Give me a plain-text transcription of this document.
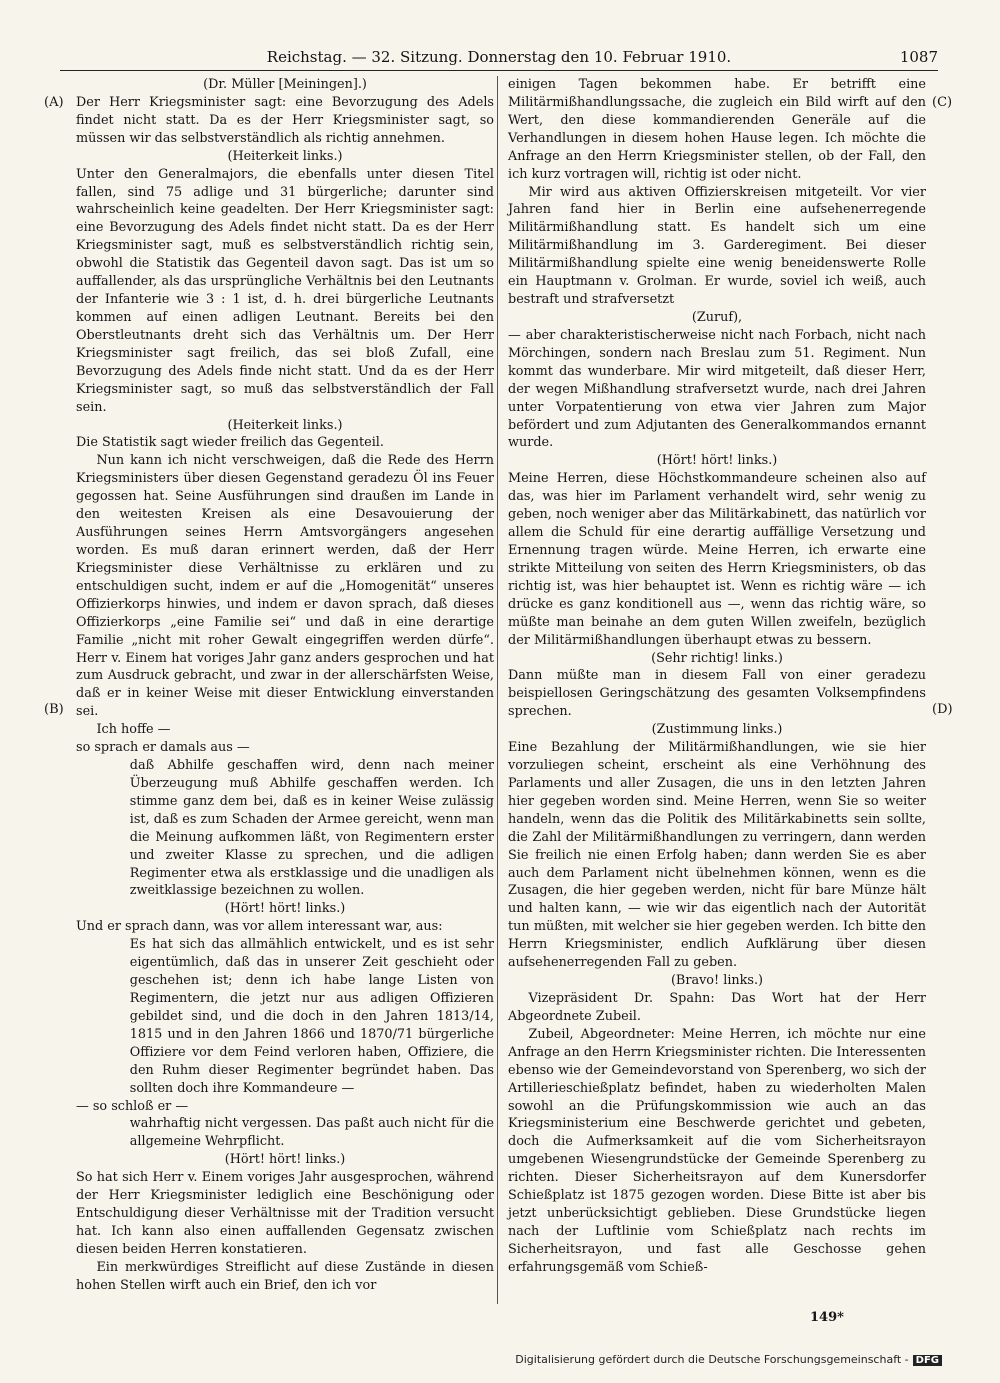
Reichstag. — 32. Sitzung. Donnerstag den 10. Februar 1910.	1087
(A)
(B)
(C)
(D)

(Dr. Müller [Meiningen].)

Der Herr Kriegsminister sagt: eine Bevorzugung des Adels findet nicht statt. Da es der Herr Kriegsminister sagt, so müssen wir das selbstverständlich als richtig annehmen.

(Heiterkeit links.)

Unter den Generalmajors, die ebenfalls unter diesen Titel fallen, sind 75 adlige und 31 bürgerliche; darunter sind wahrscheinlich keine geadelten. Der Herr Kriegsminister sagt: eine Bevorzugung des Adels findet nicht statt. Da es der Herr Kriegsminister sagt, muß es selbstverständlich richtig sein, obwohl die Statistik das Gegenteil davon sagt. Das ist um so auffallender, als das ursprüngliche Verhältnis bei den Leutnants der Infanterie wie 3 : 1 ist, d. h. drei bürgerliche Leutnants kommen auf einen adligen Leutnant. Bereits bei den Oberstleutnants dreht sich das Verhältnis um. Der Herr Kriegsminister sagt freilich, das sei bloß Zufall, eine Bevorzugung des Adels finde nicht statt. Und da es der Herr Kriegsminister sagt, so muß das selbstverständlich der Fall sein.

(Heiterkeit links.)

Die Statistik sagt wieder freilich das Gegenteil.

Nun kann ich nicht verschweigen, daß die Rede des Herrn Kriegsministers über diesen Gegenstand geradezu Öl ins Feuer gegossen hat. Seine Ausführungen sind draußen im Lande in den weitesten Kreisen als eine Desavouierung der Ausführungen seines Herrn Amtsvorgängers angesehen worden. Es muß daran erinnert werden, daß der Herr Kriegsminister diese Verhältnisse zu erklären und zu entschuldigen sucht, indem er auf die „Homogenität“ unseres Offizierkorps hinwies, und indem er davon sprach, daß dieses Offizierkorps „eine Familie sei“ und daß in eine derartige Familie „nicht mit roher Gewalt eingegriffen werden dürfe“. Herr v. Einem hat voriges Jahr ganz anders gesprochen und hat zum Ausdruck gebracht, und zwar in der allerschärfsten Weise, daß er in keiner Weise mit dieser Entwicklung einverstanden sei.

Ich hoffe —

so sprach er damals aus —

daß Abhilfe geschaffen wird, denn nach meiner Überzeugung muß Abhilfe geschaffen werden. Ich stimme ganz dem bei, daß es in keiner Weise zulässig ist, daß es zum Schaden der Armee gereicht, wenn man die Meinung aufkommen läßt, von Regimentern erster und zweiter Klasse zu sprechen, und die adligen Regimenter etwa als erstklassige und die unadligen als zweitklassige bezeichnen zu wollen.

(Hört! hört! links.)

Und er sprach dann, was vor allem interessant war, aus:

Es hat sich das allmählich entwickelt, und es ist sehr eigentümlich, daß das in unserer Zeit geschieht oder geschehen ist; denn ich habe lange Listen von Regimentern, die jetzt nur aus adligen Offizieren gebildet sind, und die doch in den Jahren 1813/14, 1815 und in den Jahren 1866 und 1870/71 bürgerliche Offiziere vor dem Feind verloren haben, Offiziere, die den Ruhm dieser Regimenter begründet haben. Das sollten doch ihre Kommandeure —

— so schloß er —

wahrhaftig nicht vergessen. Das paßt auch nicht für die allgemeine Wehrpflicht.

(Hört! hört! links.)

So hat sich Herr v. Einem voriges Jahr ausgesprochen, während der Herr Kriegsminister lediglich eine Beschönigung oder Entschuldigung dieser Verhältnisse mit der Tradition versucht hat. Ich kann also einen auffallenden Gegensatz zwischen diesen beiden Herren konstatieren.

Ein merkwürdiges Streiflicht auf diese Zustände in diesen hohen Stellen wirft auch ein Brief, den ich vor

einigen Tagen bekommen habe. Er betrifft eine Militärmißhandlungssache, die zugleich ein Bild wirft auf den Wert, den diese kommandierenden Generäle auf die Verhandlungen in diesem hohen Hause legen. Ich möchte die Anfrage an den Herrn Kriegsminister stellen, ob der Fall, den ich kurz vortragen will, richtig ist oder nicht.

Mir wird aus aktiven Offizierskreisen mitgeteilt. Vor vier Jahren fand hier in Berlin eine aufsehenerregende Militärmißhandlung statt. Es handelt sich um eine Militärmißhandlung im 3. Garderegiment. Bei dieser Militärmißhandlung spielte eine wenig beneidenswerte Rolle ein Hauptmann v. Grolman. Er wurde, soviel ich weiß, auch bestraft und strafversetzt

(Zuruf),

— aber charakteristischerweise nicht nach Forbach, nicht nach Mörchingen, sondern nach Breslau zum 51. Regiment. Nun kommt das wunderbare. Mir wird mitgeteilt, daß dieser Herr, der wegen Mißhandlung strafversetzt wurde, nach drei Jahren unter Vorpatentierung von etwa vier Jahren zum Major befördert und zum Adjutanten des Generalkommandos ernannt wurde.

(Hört! hört! links.)

Meine Herren, diese Höchstkommandeure scheinen also auf das, was hier im Parlament verhandelt wird, sehr wenig zu geben, noch weniger aber das Militärkabinett, das natürlich vor allem die Schuld für eine derartig auffällige Versetzung und Ernennung tragen würde. Meine Herren, ich erwarte eine strikte Mitteilung von seiten des Herrn Kriegsministers, ob das richtig ist, was hier behauptet ist. Wenn es richtig wäre — ich drücke es ganz konditionell aus —, wenn das richtig wäre, so müßte man beinahe an dem guten Willen zweifeln, bezüglich der Militärmißhandlungen überhaupt etwas zu bessern.

(Sehr richtig! links.)

Dann müßte man in diesem Fall von einer geradezu beispiellosen Geringschätzung des gesamten Volksempfindens sprechen.

(Zustimmung links.)

Eine Bezahlung der Militärmißhandlungen, wie sie hier vorzuliegen scheint, erscheint als eine Verhöhnung des Parlaments und aller Zusagen, die uns in den letzten Jahren hier gegeben worden sind. Meine Herren, wenn Sie so weiter handeln, wenn das die Politik des Militärkabinetts sein sollte, die Zahl der Militärmißhandlungen zu verringern, dann werden Sie freilich nie einen Erfolg haben; dann werden Sie es aber auch dem Parlament nicht übelnehmen können, wenn es die Zusagen, die hier gegeben werden, nicht für bare Münze hält und halten kann, — wie wir das eigentlich nach der Autorität tun müßten, mit welcher sie hier gegeben werden. Ich bitte den Herrn Kriegsminister, endlich Aufklärung über diesen aufsehenerregenden Fall zu geben.

(Bravo! links.)

Vizepräsident Dr. Spahn: Das Wort hat der Herr Abgeordnete Zubeil.

Zubeil, Abgeordneter: Meine Herren, ich möchte nur eine Anfrage an den Herrn Kriegsminister richten. Die Interessenten ebenso wie der Gemeindevorstand von Sperenberg, wo sich der Artillerieschießplatz befindet, haben zu wiederholten Malen sowohl an die Prüfungskommission wie auch an das Kriegsministerium eine Beschwerde gerichtet und gebeten, doch die Aufmerksamkeit auf die vom Sicherheitsrayon umgebenen Wiesengrundstücke der Gemeinde Sperenberg zu richten. Dieser Sicherheitsrayon auf dem Kunersdorfer Schießplatz ist 1875 gezogen worden. Diese Bitte ist aber bis jetzt unberücksichtigt geblieben. Diese Grundstücke liegen nach der Luftlinie vom Schießplatz nach rechts im Sicherheitsrayon, und fast alle Geschosse gehen erfahrungsgemäß vom Schieß-

149*
Digitalisierung gefördert durch die Deutsche Forschungsgemeinschaft - DFG
